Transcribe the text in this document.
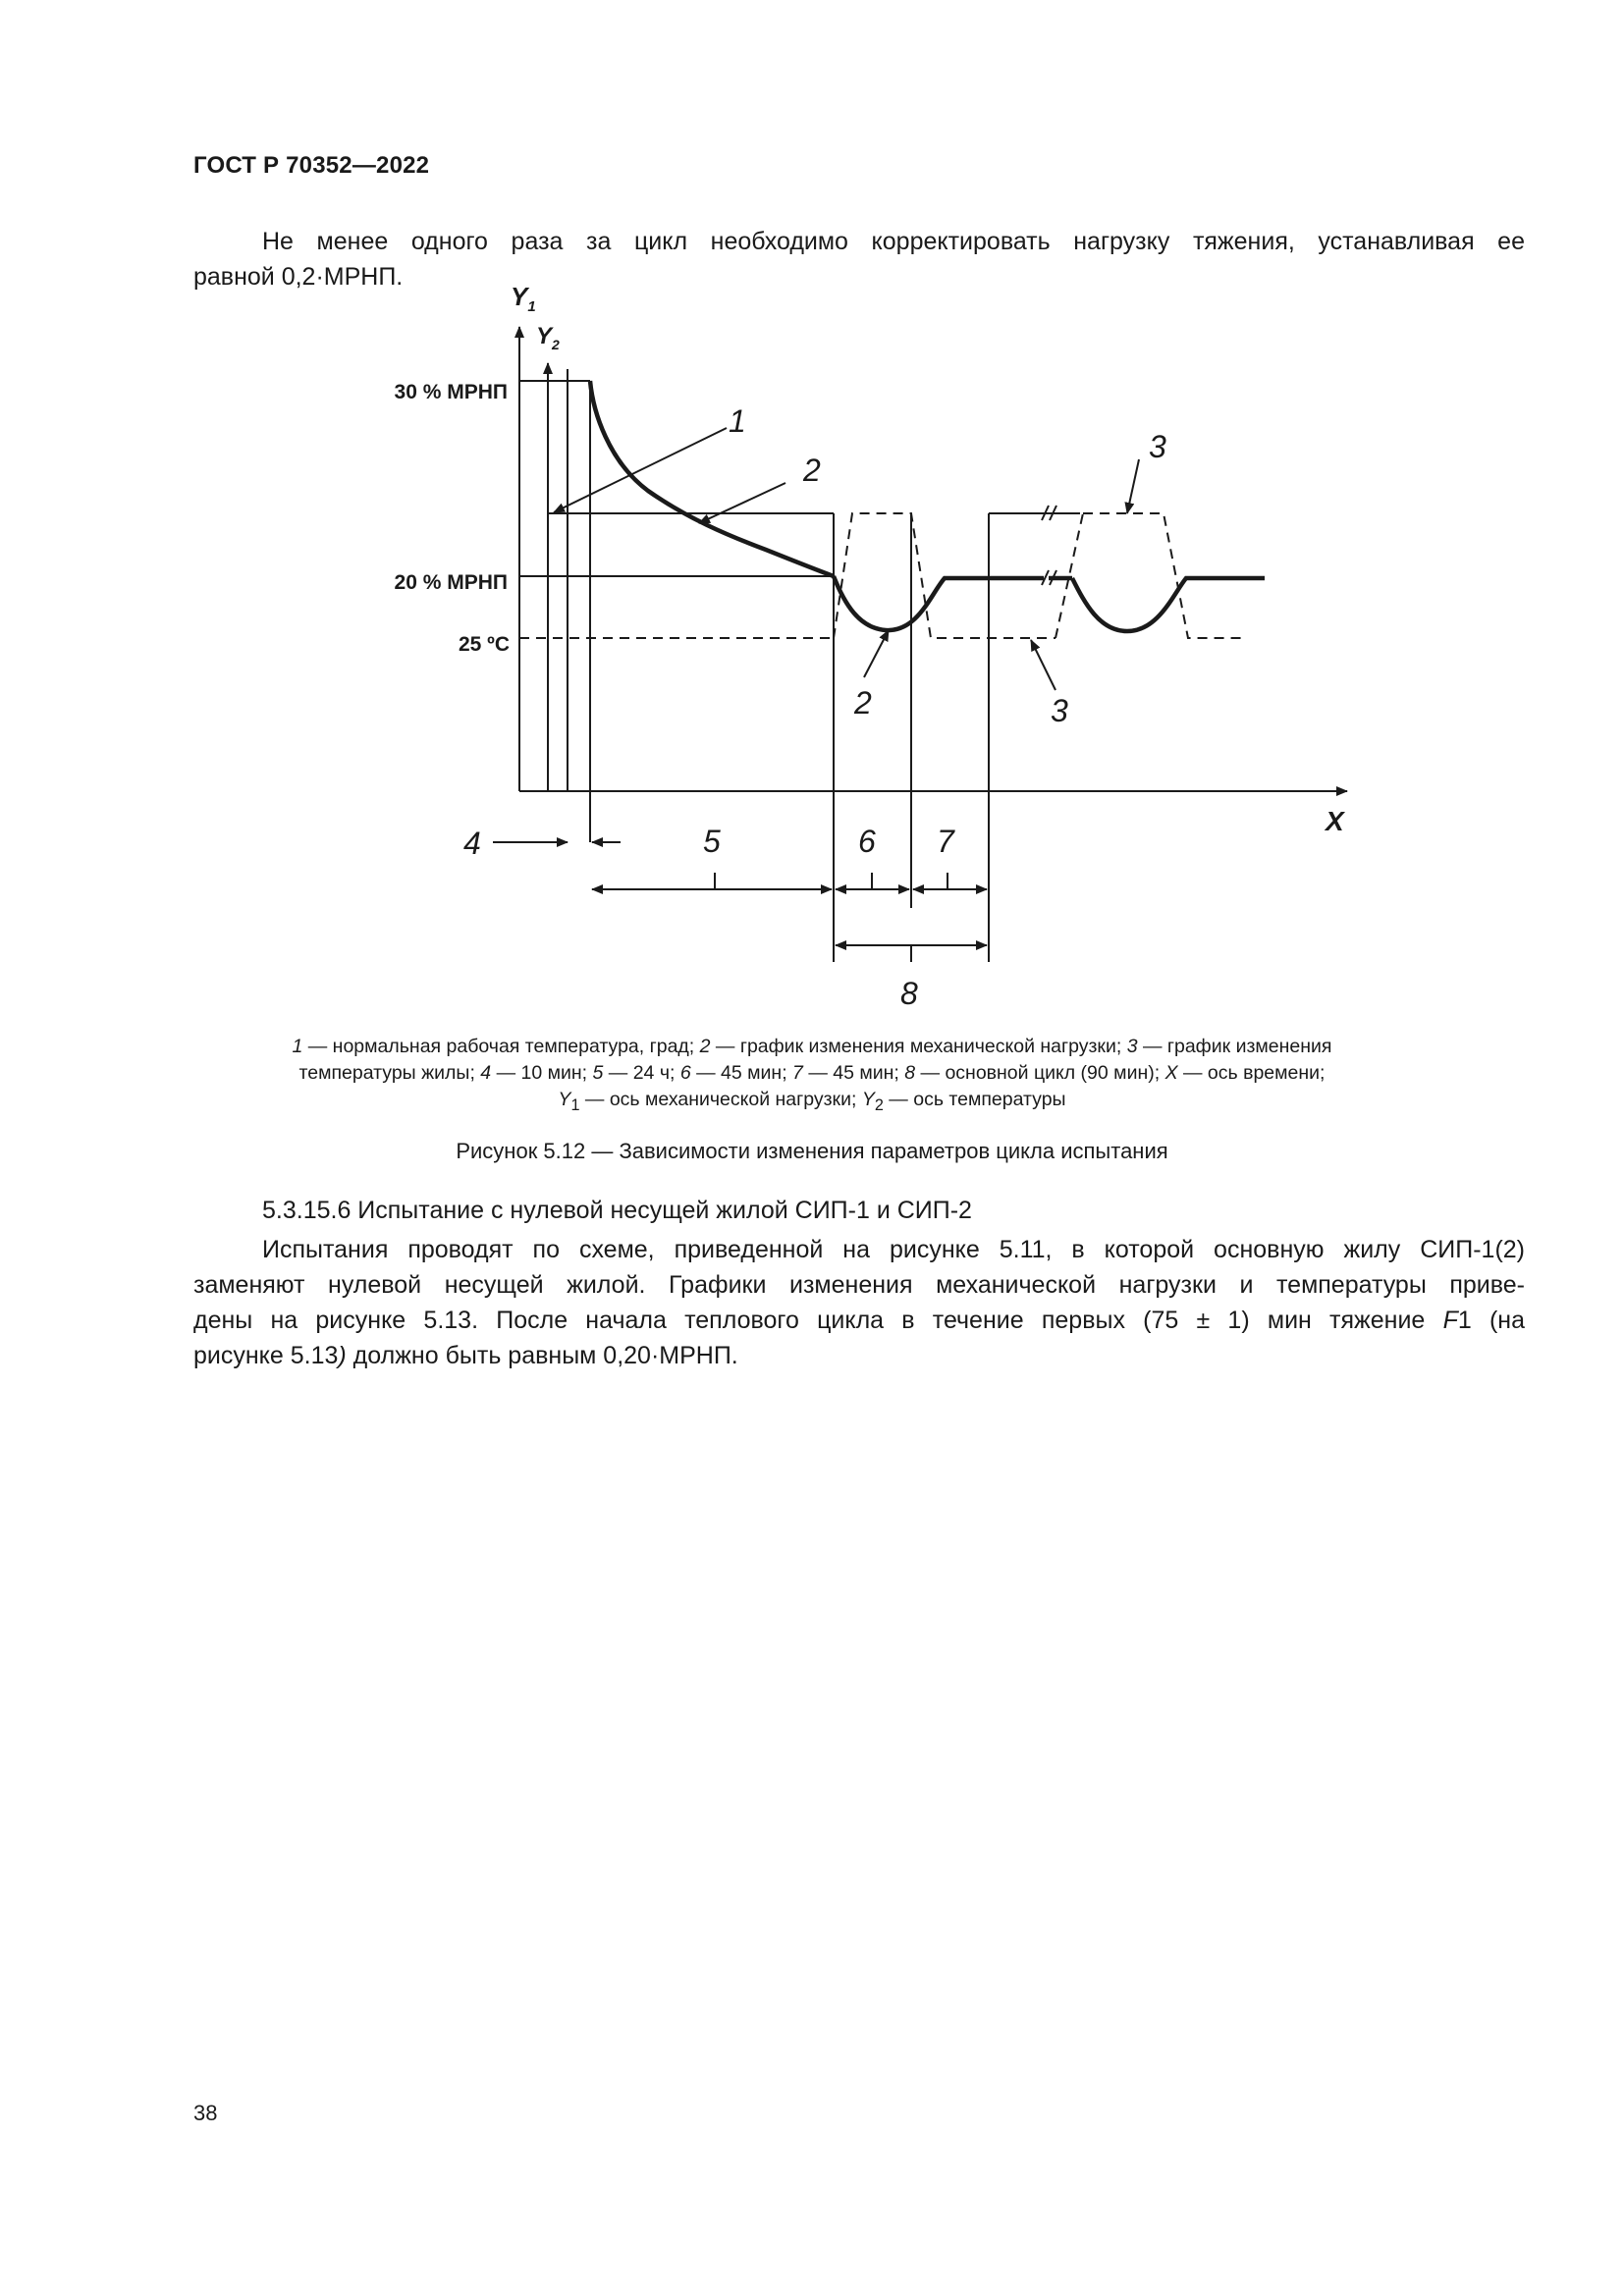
ГОСТ Р 70352—2022
Не менее одного раза за цикл необходимо корректировать нагрузку тяжения, устанавливая ее
равной 0,2·МРНП.
$Y_1$
$Y_2$
X
30 % МРНП
20 % МРНП
25 ºC
1
2
2
3
3
4	5	6 7
8

1 — нормальная рабочая температура, град; 2 — график изменения механической нагрузки; 3 — график изменения

температуры жилы; 4 — 10 мин; 5 — 24 ч; 6 — 45 мин; 7 — 45 мин; 8 — основной цикл (90 мин); X — ось времени;

$Y_1$ — ось механической нагрузки; $Y_2$ — ось температуры

Рисунок 5.12 — Зависимости изменения параметров цикла испытания
5.3.15.6 Испытание с нулевой несущей жилой СИП-1 и СИП-2
Испытания проводят по схеме, приведенной на рисунке 5.11, в которой основную жилу СИП-1(2)
заменяют нулевой несущей жилой. Графики изменения механической нагрузки и температуры приве-
дены на рисунке 5.13. После начала теплового цикла в течение первых (75 ± 1) мин тяжение F1 (на
рисунке 5.13) должно быть равным 0,20·МРНП.
38
